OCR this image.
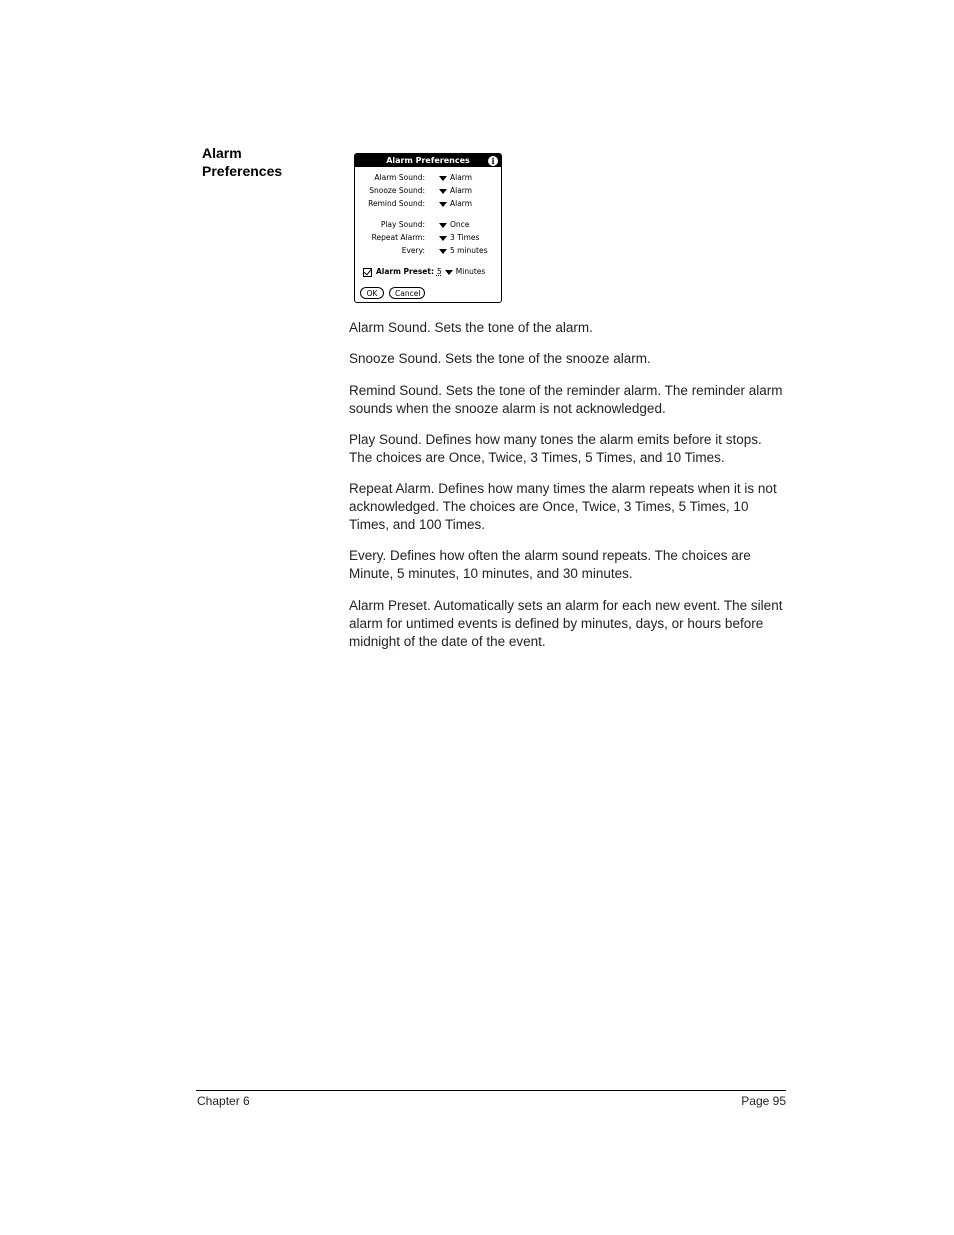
Alarm
Preferences
Alarm Preferences	i
Alarm Sound:	Alarm
Snooze Sound:	Alarm
Remind Sound:	Alarm
Play Sound:	Once
Repeat Alarm:	3 Times
Every:	5 minutes
Alarm Preset: 5 Minutes
OK	Cancel

Alarm Sound. Sets the tone of the alarm.

Snooze Sound. Sets the tone of the snooze alarm.

Remind Sound. Sets the tone of the reminder alarm. The reminder alarm sounds when the snooze alarm is not acknowledged.

Play Sound. Defines how many tones the alarm emits before it stops. The choices are Once, Twice, 3 Times, 5 Times, and 10 Times.

Repeat Alarm. Defines how many times the alarm repeats when it is not acknowledged. The choices are Once, Twice, 3 Times, 5 Times, 10 Times, and 100 Times.

Every. Defines how often the alarm sound repeats. The choices are Minute, 5 minutes, 10 minutes, and 30 minutes.

Alarm Preset. Automatically sets an alarm for each new event. The silent alarm for untimed events is defined by minutes, days, or hours before midnight of the date of the event.

Chapter 6	Page 95
